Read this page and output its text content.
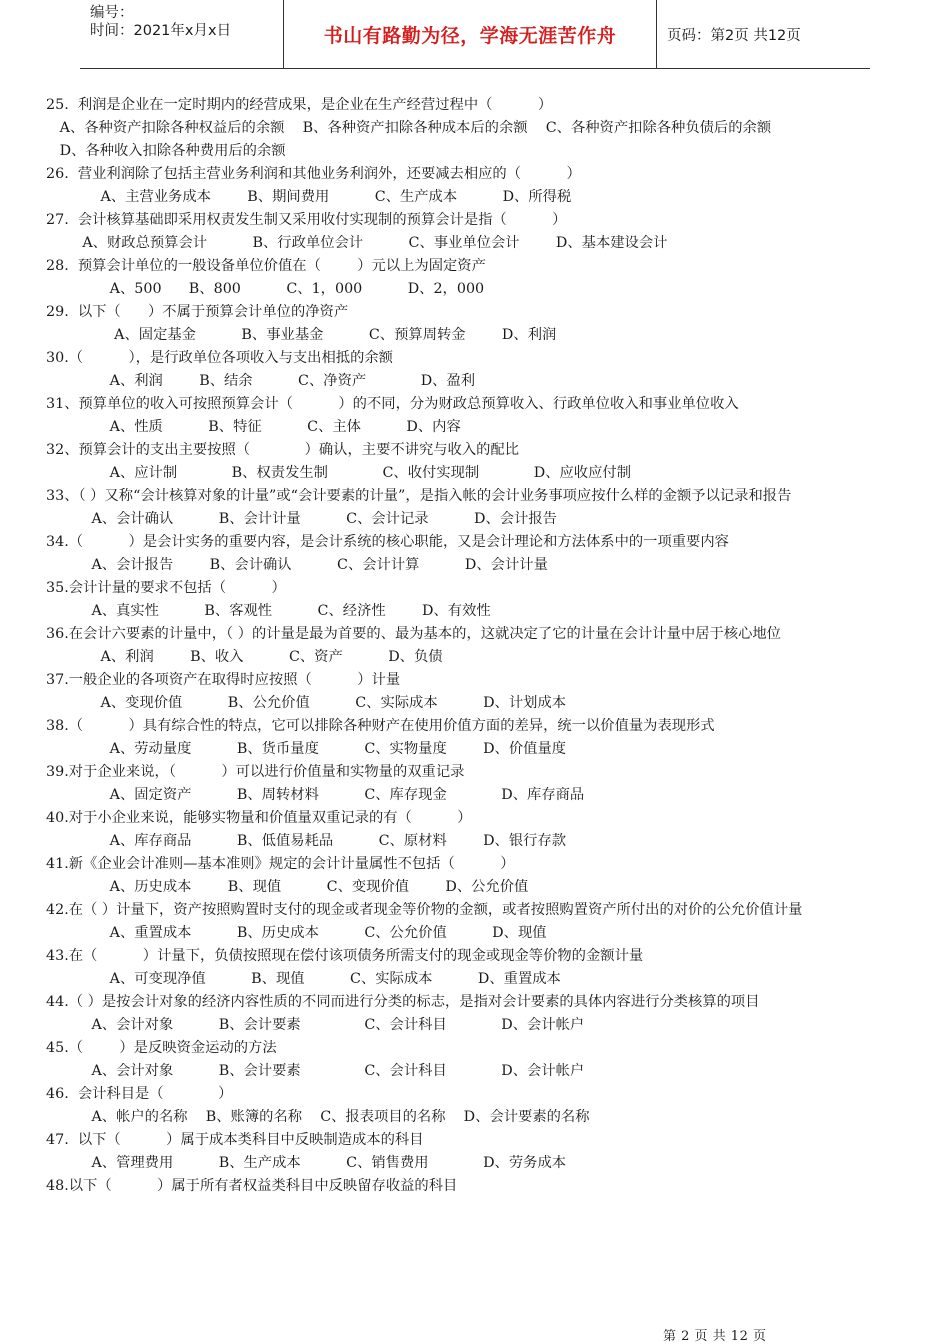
编号：
时间：2021年x月x日	书山有路勤为径，学海无涯苦作舟	页码：第2页 共12页

25.  利润是企业在一定时期内的经营成果，是企业在生产经营过程中（          ）

A、各种资产扣除各种权益后的余额    B、各种资产扣除各种成本后的余额    C、各种资产扣除各种负债后的余额

D、各种收入扣除各种费用后的余额

26.  营业利润除了包括主营业务利润和其他业务利润外，还要减去相应的（          ）

A、主营业务成本        B、期间费用          C、生产成本          D、所得税

27.  会计核算基础即采用权责发生制又采用收付实现制的预算会计是指（          ）

A、财政总预算会计          B、行政单位会计          C、事业单位会计        D、基本建设会计

28.  预算会计单位的一般设备单位价值在（        ）元以上为固定资产

A、500      B、800          C、1，000          D、2，000

29.  以下（      ）不属于预算会计单位的净资产

A、固定基金          B、事业基金          C、预算周转金        D、利润

30.（          ），是行政单位各项收入与支出相抵的余额

A、利润        B、结余          C、净资产            D、盈利

31、预算单位的收入可按照预算会计（          ）的不同，分为财政总预算收入、行政单位收入和事业单位收入

A、性质          B、特征          C、主体          D、内容

32、预算会计的支出主要按照（            ）确认，主要不讲究与收入的配比

A、应计制            B、权责发生制            C、收付实现制            D、应收应付制

33、（ ）又称“会计核算对象的计量”或“会计要素的计量”，是指入帐的会计业务事项应按什么样的金额予以记录和报告

A、会计确认          B、会计计量          C、会计记录          D、会计报告

34.（          ）是会计实务的重要内容，是会计系统的核心职能，又是会计理论和方法体系中的一项重要内容

A、会计报告        B、会计确认          C、会计计算          D、会计计量

35.会计计量的要求不包括（          ）

A、真实性          B、客观性          C、经济性        D、有效性

36.在会计六要素的计量中，（ ）的计量是最为首要的、最为基本的，这就决定了它的计量在会计计量中居于核心地位

A、利润        B、收入          C、资产          D、负债

37.一般企业的各项资产在取得时应按照（          ）计量

A、变现价值          B、公允价值          C、实际成本          D、计划成本

38.（          ）具有综合性的特点，它可以排除各种财产在使用价值方面的差异，统一以价值量为表现形式

A、劳动量度          B、货币量度          C、实物量度        D、价值量度

39.对于企业来说，（          ）可以进行价值量和实物量的双重记录

A、固定资产          B、周转材料          C、库存现金            D、库存商品

40.对于小企业来说，能够实物量和价值量双重记录的有（          ）

A、库存商品          B、低值易耗品          C、原材料        D、银行存款

41.新《企业会计准则—基本准则》规定的会计计量属性不包括（          ）

A、历史成本        B、现值          C、变现价值        D、公允价值

42.在（ ）计量下，资产按照购置时支付的现金或者现金等价物的金额，或者按照购置资产所付出的对价的公允价值计量

A、重置成本          B、历史成本          C、公允价值          D、现值

43.在（          ）计量下，负债按照现在偿付该项债务所需支付的现金或现金等价物的金额计量

A、可变现净值          B、现值          C、实际成本          D、重置成本

44.（ ）是按会计对象的经济内容性质的不同而进行分类的标志，是指对会计要素的具体内容进行分类核算的项目

A、会计对象          B、会计要素              C、会计科目            D、会计帐户

45.（        ）是反映资金运动的方法

A、会计对象          B、会计要素              C、会计科目            D、会计帐户

46.  会计科目是（            ）

A、帐户的名称    B、账簿的名称    C、报表项目的名称    D、会计要素的名称

47.  以下（          ）属于成本类科目中反映制造成本的科目

A、管理费用          B、生产成本          C、销售费用            D、劳务成本

48.以下（          ）属于所有者权益类科目中反映留存收益的科目

第 2 页 共 12 页
